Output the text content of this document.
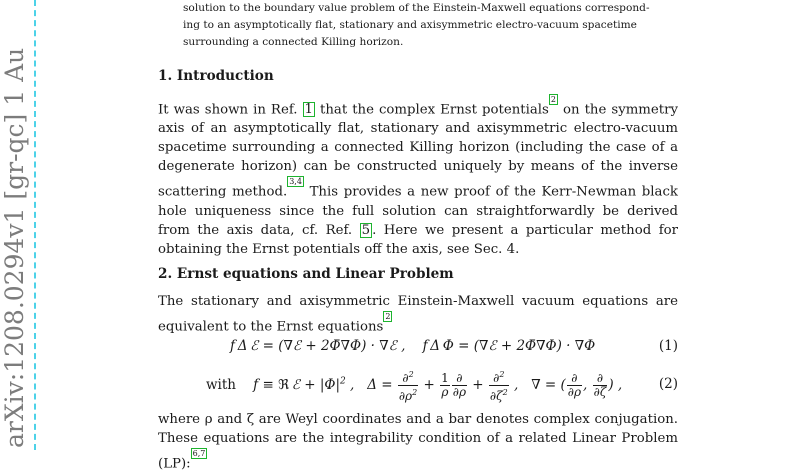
arXiv:1208.0294v1 [gr-qc] 1 Au

solution to the boundary value problem of the Einstein-Maxwell equations correspond-

ing to an asymptotically flat, stationary and axisymmetric electro-vacuum spacetime

surrounding a connected Killing horizon.

1. Introduction

It was shown in Ref. 1 that the complex Ernst potentials$^2$ on the symmetry axis of an asymptotically flat, stationary and axisymmetric electro-vacuum spacetime surrounding a connected Killing horizon (including the case of a degenerate horizon) can be constructed uniquely by means of the inverse scattering method.$^{3,4}$ This provides a new proof of the Kerr-Newman black hole uniqueness since the full solution can straightforwardly be derived from the axis data, cf. Ref. 5 . Here we present a particular method for obtaining the Ernst potentials off the axis, see Sec. 4.

2. Ernst equations and Linear Problem

The stationary and axisymmetric Einstein-Maxwell vacuum equations are equivalent to the Ernst equations$^2$

f Δ ℰ = (∇ℰ + 2Φ̄∇Φ) · ∇ℰ ,    f Δ Φ = (∇ℰ + 2Φ̄∇Φ) · ∇Φ	(1)
with    f ≡ ℜ ℰ + $|\Phi|^2$ ,   $\Delta = \frac{\partial^2}{\partial\rho^2} + \frac{1}{\rho} \frac{\partial}{\partial\rho} + \frac{\partial^2}{\partial\zeta^2}$ ,   ∇ = ( $\frac{\partial}{\partial\rho}$ , $\frac{\partial}{\partial\zeta}$ ) ,	(2)

where ρ and ζ are Weyl coordinates and a bar denotes complex conjugation. These equations are the integrability condition of a related Linear Problem (LP):$^{6,7}$
